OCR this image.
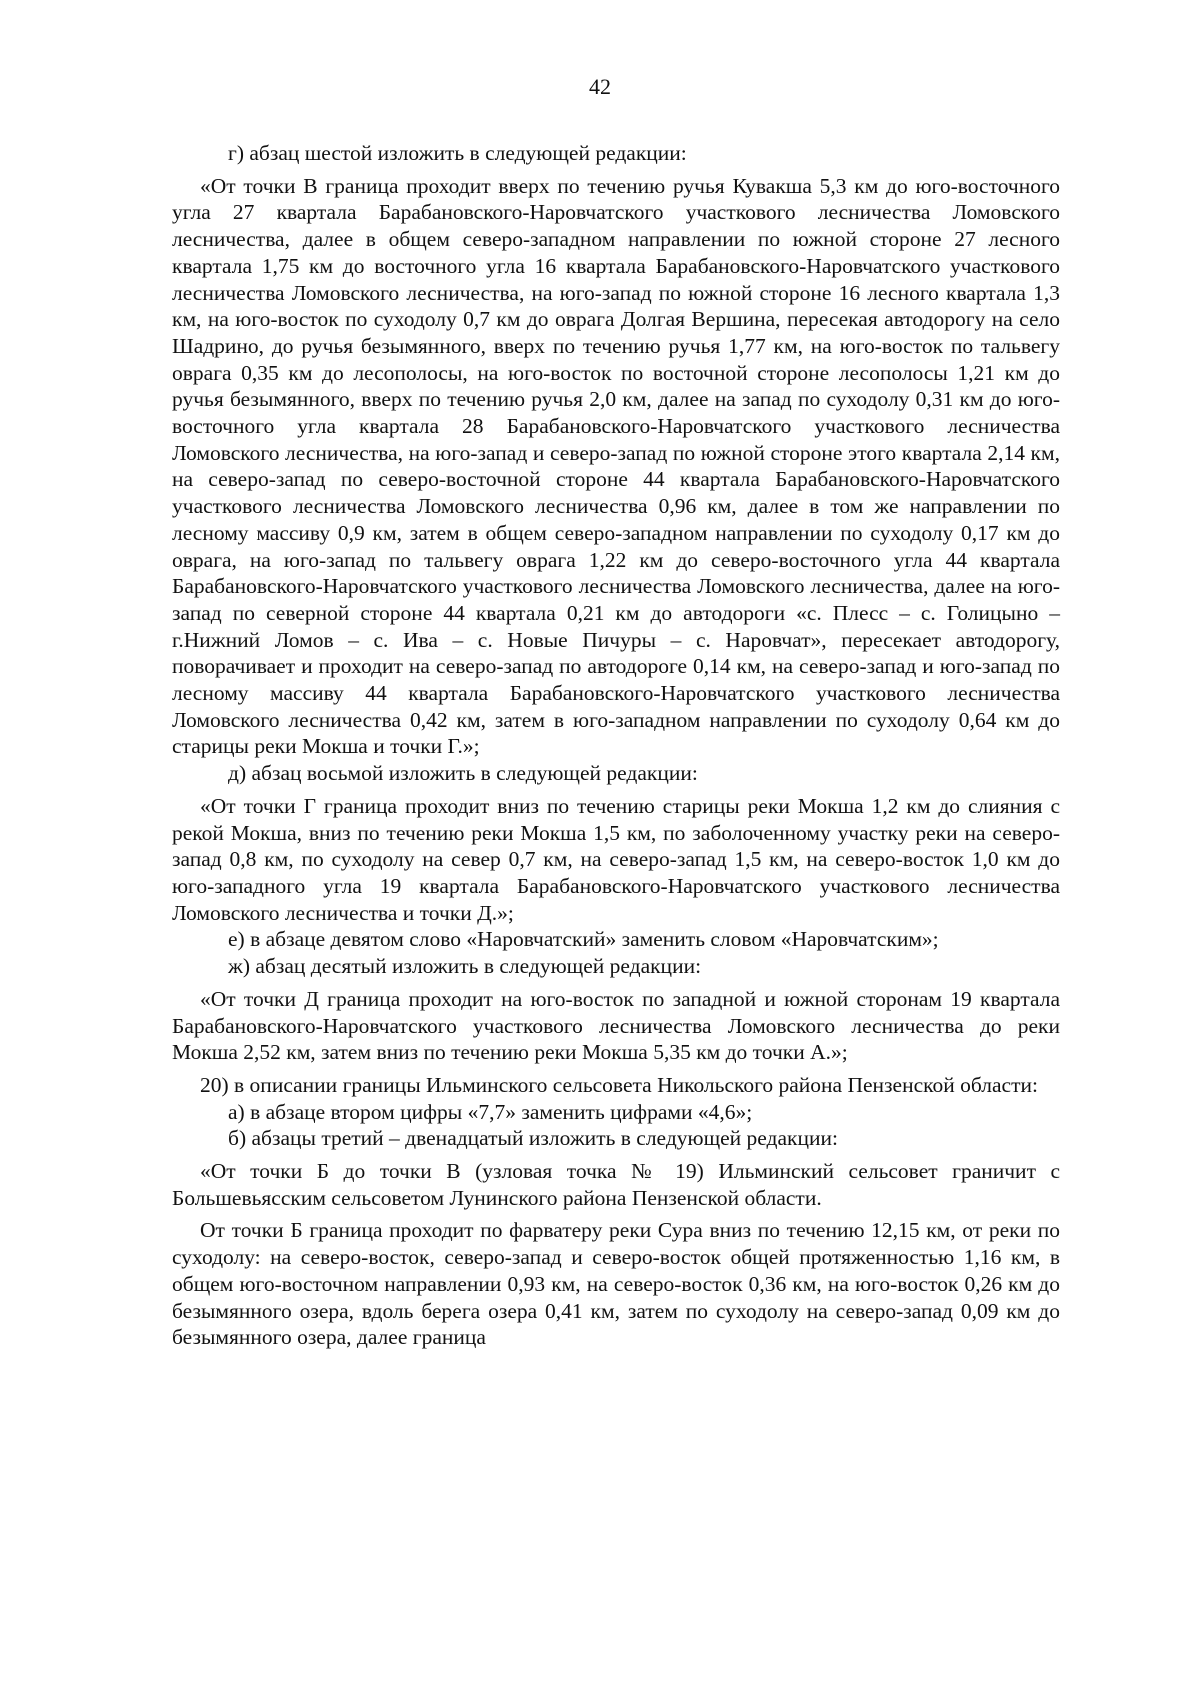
42

г) абзац шестой изложить в следующей редакции:

«От точки В граница проходит вверх по течению ручья Кувакша 5,3 км до юго-восточного угла 27 квартала Барабановского-Наровчатского участкового лесничества Ломовского лесничества, далее в общем северо-западном направлении по южной стороне 27 лесного квартала 1,75 км до восточного угла 16 квартала Барабановского-Наровчатского участкового лесничества Ломовского лесничества, на юго-запад по южной стороне 16 лесного квартала 1,3 км, на юго-восток по суходолу 0,7 км до оврага Долгая Вершина, пересекая автодорогу на село Шадрино, до ручья безымянного, вверх по течению ручья 1,77 км, на юго-восток по тальвегу оврага 0,35 км до лесополосы, на юго-восток по восточной стороне лесополосы 1,21 км до ручья безымянного, вверх по течению ручья 2,0 км, далее на запад по суходолу 0,31 км до юго-восточного угла квартала 28 Барабановского-Наровчатского участкового лесничества Ломовского лесничества, на юго-запад и северо-запад по южной стороне этого квартала 2,14 км, на северо-запад по северо-восточной стороне 44 квартала Барабановского-Наровчатского участкового лесничества Ломовского лесничества 0,96 км, далее в том же направлении по лесному массиву 0,9 км, затем в общем северо-западном направлении по суходолу 0,17 км до оврага, на юго-запад по тальвегу оврага 1,22 км до северо-восточного угла 44 квартала Барабановского-Наровчатского участкового лесничества Ломовского лесничества, далее на юго-запад по северной стороне 44 квартала 0,21 км до автодороги «с. Плесс – с. Голицыно – г.Нижний Ломов – с. Ива – с. Новые Пичуры – с. Наровчат», пересекает автодорогу, поворачивает и проходит на северо-запад по автодороге 0,14 км, на северо-запад и юго-запад по лесному массиву 44 квартала Барабановского-Наровчатского участкового лесничества Ломовского лесничества 0,42 км, затем в юго-западном направлении по суходолу 0,64 км до старицы реки Мокша и точки Г.»;

д) абзац восьмой изложить в следующей редакции:

«От точки Г граница проходит вниз по течению старицы реки Мокша 1,2 км до слияния с рекой Мокша, вниз по течению реки Мокша 1,5 км, по заболоченному участку реки на северо-запад 0,8 км, по суходолу на север 0,7 км, на северо-запад 1,5 км, на северо-восток 1,0 км до юго-западного угла 19 квартала Барабановского-Наровчатского участкового лесничества Ломовского лесничества и точки Д.»;

е) в абзаце девятом слово «Наровчатский» заменить словом «Наровчатским»;

ж) абзац десятый изложить в следующей редакции:

«От точки Д граница проходит на юго-восток по западной и южной сторонам 19 квартала Барабановского-Наровчатского участкового лесничества Ломовского лесничества до реки Мокша 2,52 км, затем вниз по течению реки Мокша 5,35 км до точки А.»;

20) в описании границы Ильминского сельсовета Никольского района Пензенской области:

а) в абзаце втором цифры «7,7» заменить цифрами «4,6»;

б) абзацы третий – двенадцатый изложить в следующей редакции:

«От точки Б до точки В (узловая точка № 19) Ильминский сельсовет граничит с Большевьясским сельсоветом Лунинского района Пензенской области.

От точки Б граница проходит по фарватеру реки Сура вниз по течению 12,15 км, от реки по суходолу: на северо-восток, северо-запад и северо-восток общей протяженностью 1,16 км, в общем юго-восточном направлении 0,93 км, на северо-восток 0,36 км, на юго-восток 0,26 км до безымянного озера, вдоль берега озера 0,41 км, затем по суходолу на северо-запад 0,09 км до безымянного озера, далее граница
